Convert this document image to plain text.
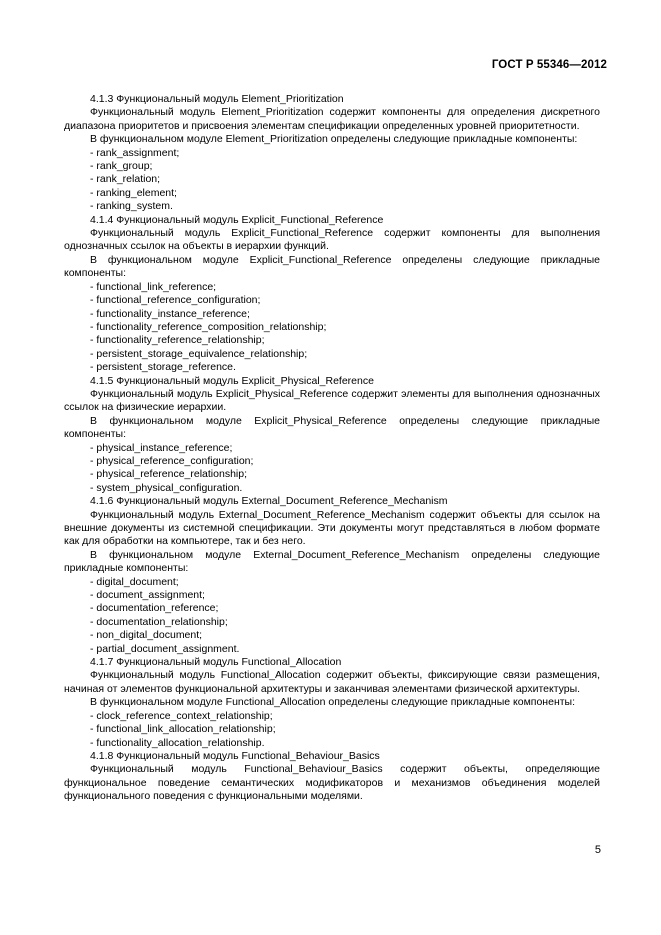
ГОСТ Р 55346—2012

4.1.3 Функциональный модуль Element_Prioritization

Функциональный модуль Element_Prioritization содержит компоненты для определения дискретного диапазона приоритетов и присвоения элементам спецификации определенных уровней приоритетности.

В функциональном модуле Element_Prioritization определены следующие прикладные компоненты:

- rank_assignment;

- rank_group;

- rank_relation;

- ranking_element;

- ranking_system.

4.1.4 Функциональный модуль Explicit_Functional_Reference

Функциональный модуль Explicit_Functional_Reference содержит компоненты для выполнения однозначных ссылок на объекты в иерархии функций.

В функциональном модуле Explicit_Functional_Reference определены следующие прикладные компоненты:

- functional_link_reference;

- functional_reference_configuration;

- functionality_instance_reference;

- functionality_reference_composition_relationship;

- functionality_reference_relationship;

- persistent_storage_equivalence_relationship;

- persistent_storage_reference.

4.1.5 Функциональный модуль Explicit_Physical_Reference

Функциональный модуль Explicit_Physical_Reference содержит элементы для выполнения однозначных ссылок на физические иерархии.

В функциональном модуле Explicit_Physical_Reference определены следующие прикладные компоненты:

- physical_instance_reference;

- physical_reference_configuration;

- physical_reference_relationship;

- system_physical_configuration.

4.1.6 Функциональный модуль External_Document_Reference_Mechanism

Функциональный модуль External_Document_Reference_Mechanism содержит объекты для ссылок на внешние документы из системной спецификации. Эти документы могут представляться в любом формате как для обработки на компьютере, так и без него.

В функциональном модуле External_Document_Reference_Mechanism определены следующие прикладные компоненты:

- digital_document;

- document_assignment;

- documentation_reference;

- documentation_relationship;

- non_digital_document;

- partial_document_assignment.

4.1.7 Функциональный модуль Functional_Allocation

Функциональный модуль Functional_Allocation содержит объекты, фиксирующие связи размещения, начиная от элементов функциональной архитектуры и заканчивая элементами физической архитектуры.

В функциональном модуле Functional_Allocation определены следующие прикладные компоненты:

- clock_reference_context_relationship;

- functional_link_allocation_relationship;

- functionality_allocation_relationship.

4.1.8 Функциональный модуль Functional_Behaviour_Basics

Функциональный модуль Functional_Behaviour_Basics содержит объекты, определяющие функциональное поведение семантических модификаторов и механизмов объединения моделей функционального поведения с функциональными моделями.

5
